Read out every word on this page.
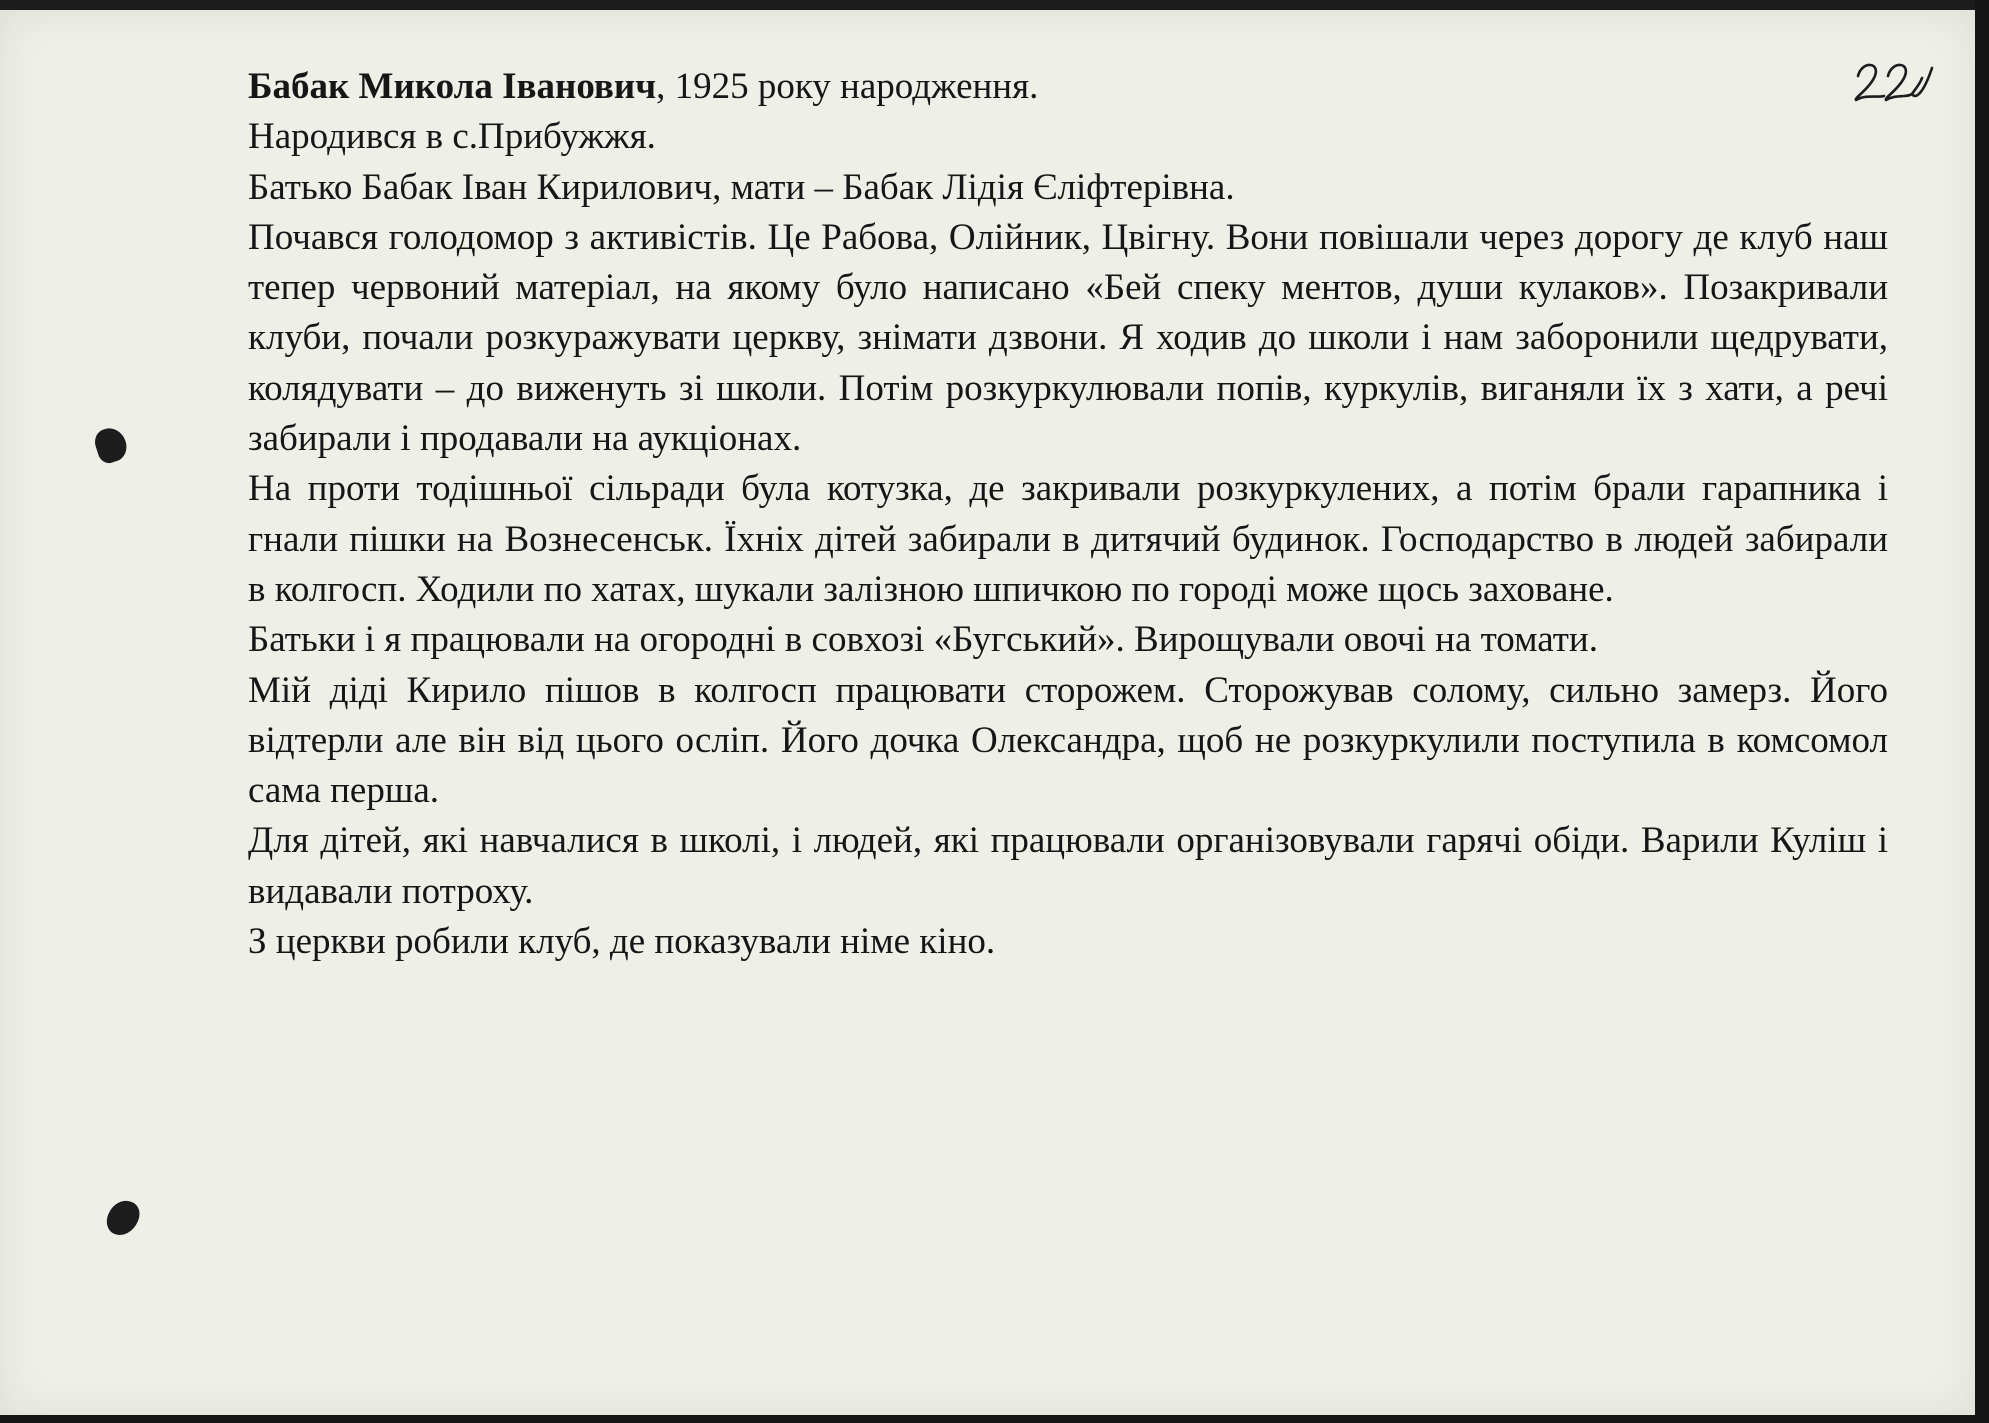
Бабак Микола Іванович, 1925 року народження.

Народився в с.Прибужжя.

Батько Бабак Іван Кирилович, мати – Бабак Лідія Єліфтерівна.

Почався голодомор з активістів. Це Рабова, Олійник, Цвігну. Вони повішали через дорогу де клуб наш тепер червоний матеріал, на якому було написано «Бей спеку ментов, души кулаков». Позакривали клуби, почали розкуражувати церкву, знімати дзвони. Я ходив до школи і нам заборонили щедрувати, колядувати – до виженуть зі школи. Потім розкуркулювали попів, куркулів, виганяли їх з хати, а речі забирали і продавали на аукціонах.

На проти тодішньої сільради була котузка, де закривали розкуркулених, а потім брали гарапника і гнали пішки на Вознесенськ. Їхніх дітей забирали в дитячий будинок. Господарство в людей забирали в колгосп. Ходили по хатах, шукали залізною шпичкою по городі може щось заховане.

Батьки і я працювали на огородні в совхозі «Бугський». Вирощували овочі на томати.

Мій діді Кирило пішов в колгосп працювати сторожем. Сторожував солому, сильно замерз. Його відтерли але він від цього осліп. Його дочка Олександра, щоб не розкуркулили поступила в комсомол сама перша.

Для дітей, які навчалися в школі, і людей, які працювали організовували гарячі обіди. Варили Куліш і видавали потроху.

З церкви робили клуб, де показували німе кіно.
